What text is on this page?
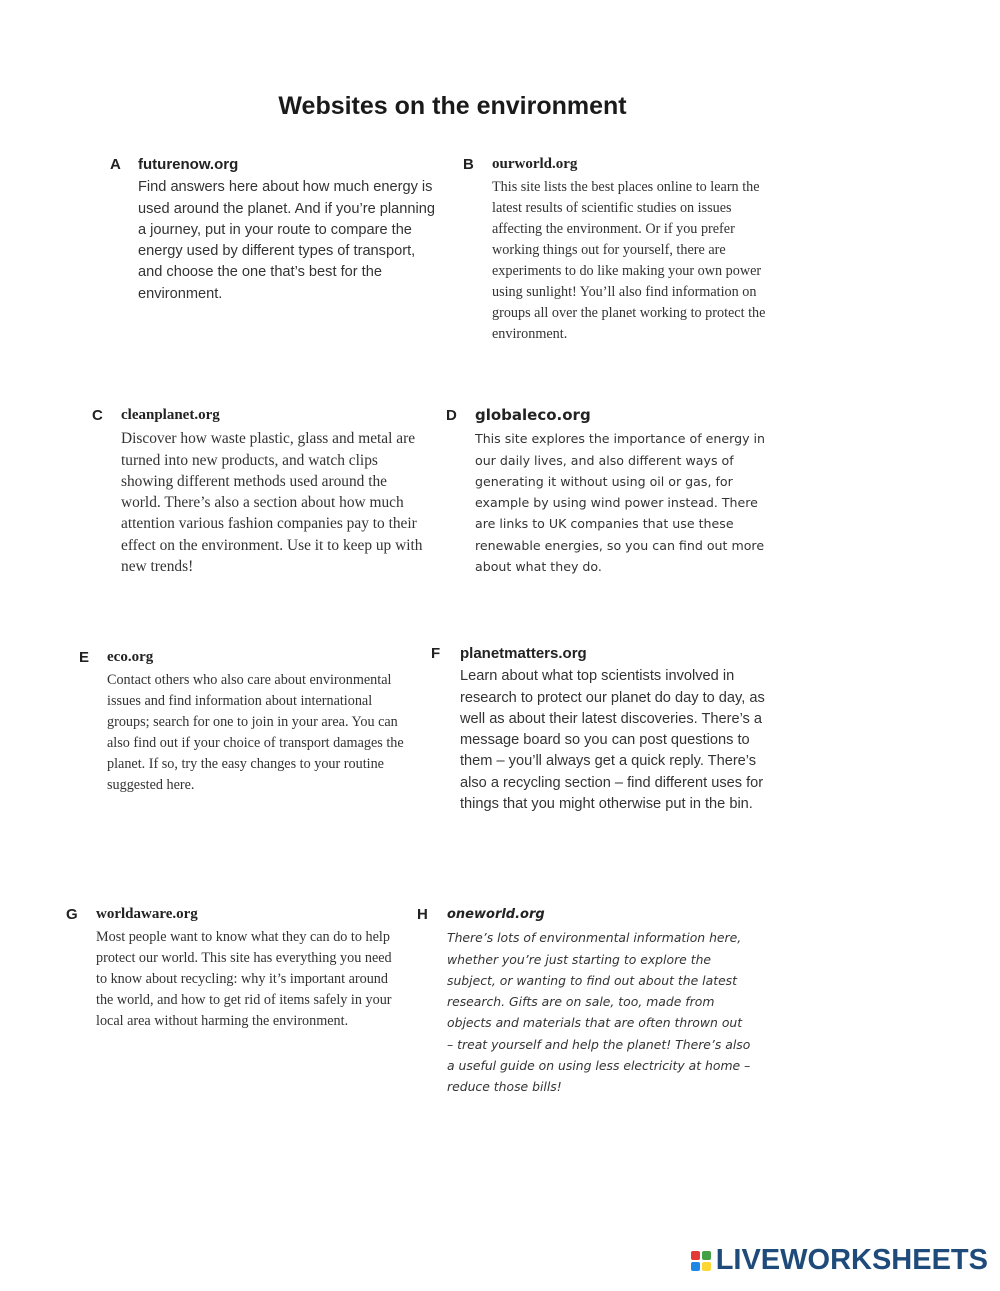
Websites on the environment
A futurenow.org
Find answers here about how much energy is used around the planet. And if you’re planning a journey, put in your route to compare the energy used by different types of transport, and choose the one that’s best for the environment.
B ourworld.org
This site lists the best places online to learn the latest results of scientific studies on issues affecting the environment. Or if you prefer working things out for yourself, there are experiments to do like making your own power using sunlight! You’ll also find information on groups all over the planet working to protect the environment.
C cleanplanet.org
Discover how waste plastic, glass and metal are turned into new products, and watch clips showing different methods used around the world. There’s also a section about how much attention various fashion companies pay to their effect on the environment. Use it to keep up with new trends!
D globaleco.org
This site explores the importance of energy in our daily lives, and also different ways of generating it without using oil or gas, for example by using wind power instead. There are links to UK companies that use these renewable energies, so you can find out more about what they do.
E eco.org
Contact others who also care about environmental issues and find information about international groups; search for one to join in your area. You can also find out if your choice of transport damages the planet. If so, try the easy changes to your routine suggested here.
F planetmatters.org
Learn about what top scientists involved in research to protect our planet do day to day, as well as about their latest discoveries. There’s a message board so you can post questions to them – you’ll always get a quick reply. There’s also a recycling section – find different uses for things that you might otherwise put in the bin.
G worldaware.org
Most people want to know what they can do to help protect our world. This site has everything you need to know about recycling: why it’s important around the world, and how to get rid of items safely in your local area without harming the environment.
H oneworld.org
There’s lots of environmental information here, whether you’re just starting to explore the subject, or wanting to find out about the latest research. Gifts are on sale, too, made from objects and materials that are often thrown out – treat yourself and help the planet! There’s also a useful guide on using less electricity at home – reduce those bills!
LIVEWORKSHEETS
